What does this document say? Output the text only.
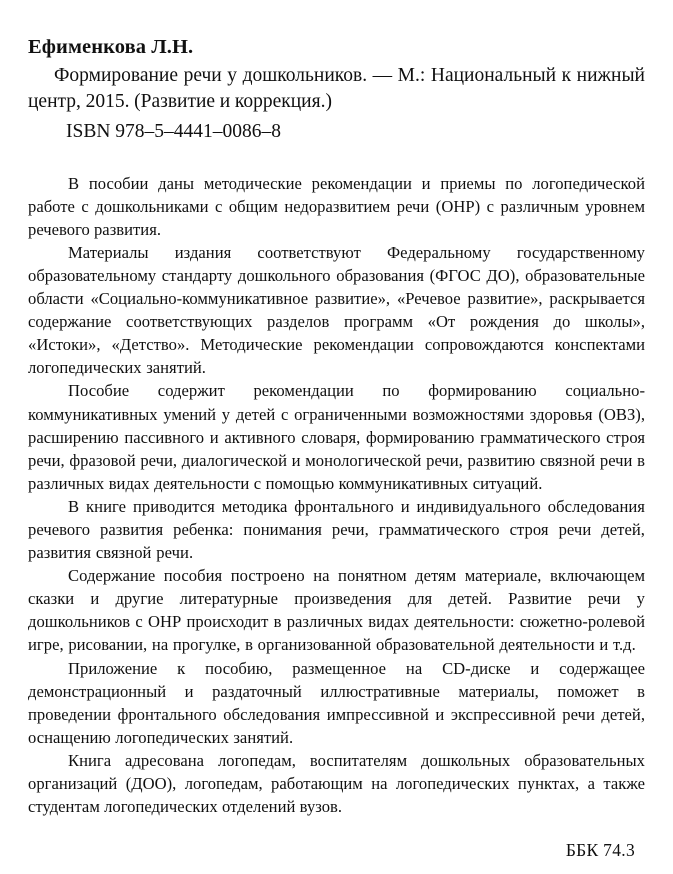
Ефименкова Л.Н.

Формирование речи у дошкольников. — М.: Национальный к нижный центр, 2015. (Развитие и коррекция.)

ISBN 978–5–4441–0086–8

В пособии даны методические рекомендации и приемы по логопедической работе с дошкольниками с общим недоразвитием речи (ОНР) с различным уровнем речевого развития.

Материалы издания соответствуют Федеральному государственному образовательному стандарту дошкольного образования (ФГОС ДО), образовательные области «Социально-коммуникативное развитие», «Речевое развитие», раскрывается содержание соответствующих разделов программ «От рождения до школы», «Истоки», «Детство». Методические рекомендации сопровождаются конспектами логопедических занятий.

Пособие содержит рекомендации по формированию социально-коммуникативных умений у детей с ограниченными возможностями здоровья (ОВЗ), расширению пассивного и активного словаря, формированию грамматического строя речи, фразовой речи, диалогической и монологической речи, развитию связной речи в различных видах деятельности с помощью коммуникативных ситуаций.

В книге приводится методика фронтального и индивидуального обследования речевого развития ребенка: понимания речи, грамматического строя речи детей, развития связной речи.

Содержание пособия построено на понятном детям материале, включающем сказки и другие литературные произведения для детей. Развитие речи у дошкольников с ОНР происходит в различных видах деятельности: сюжетно-ролевой игре, рисовании, на прогулке, в организованной образовательной деятельности и т.д.

Приложение к пособию, размещенное на CD-диске и содержащее демонстрационный и раздаточный иллюстративные материалы, поможет в проведении фронтального обследования импрессивной и экспрессивной речи детей, оснащению логопедических занятий.

Книга адресована логопедам, воспитателям дошкольных образовательных организаций (ДОО), логопедам, работающим на логопедических пунктах, а также студентам логопедических отделений вузов.

ББК 74.3
